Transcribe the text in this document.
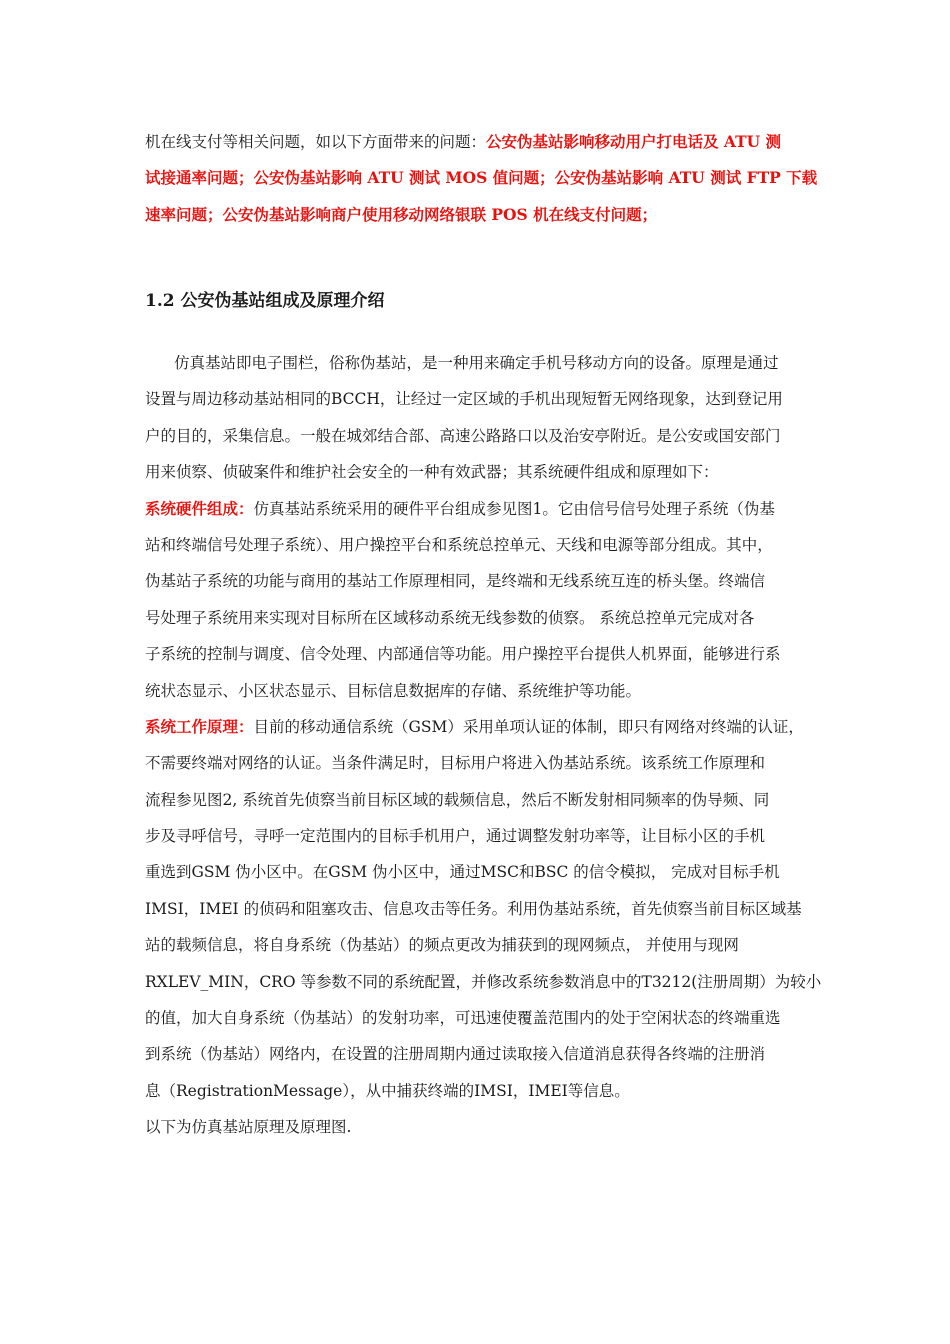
机在线支付等相关问题，如以下方面带来的问题：公安伪基站影响移动用户打电话及 ATU 测
试接通率问题；公安伪基站影响 ATU 测试 MOS 值问题；公安伪基站影响 ATU 测试 FTP 下载
速率问题；公安伪基站影响商户使用移动网络银联 POS 机在线支付问题；
1.2 公安伪基站组成及原理介绍
仿真基站即电子围栏，俗称伪基站，是一种用来确定手机号移动方向的设备。原理是通过
设置与周边移动基站相同的BCCH，让经过一定区域的手机出现短暂无网络现象，达到登记用
户的目的，采集信息。一般在城郊结合部、高速公路路口以及治安亭附近。是公安或国安部门
用来侦察、侦破案件和维护社会安全的一种有效武器；其系统硬件组成和原理如下：
系统硬件组成：仿真基站系统采用的硬件平台组成参见图1。它由信号信号处理子系统（伪基
站和终端信号处理子系统）、用户操控平台和系统总控单元、天线和电源等部分组成。其中，
伪基站子系统的功能与商用的基站工作原理相同，是终端和无线系统互连的桥头堡。终端信
号处理子系统用来实现对目标所在区域移动系统无线参数的侦察。 系统总控单元完成对各
子系统的控制与调度、信令处理、内部通信等功能。用户操控平台提供人机界面，能够进行系
统状态显示、小区状态显示、目标信息数据库的存储、系统维护等功能。
系统工作原理：目前的移动通信系统（GSM）采用单项认证的体制，即只有网络对终端的认证，
不需要终端对网络的认证。当条件满足时，目标用户将进入伪基站系统。该系统工作原理和
流程参见图2, 系统首先侦察当前目标区域的载频信息，然后不断发射相同频率的伪导频、同
步及寻呼信号，寻呼一定范围内的目标手机用户，通过调整发射功率等，让目标小区的手机
重选到GSM 伪小区中。在GSM 伪小区中，通过MSC和BSC 的信令模拟， 完成对目标手机
IMSI，IMEI 的侦码和阻塞攻击、信息攻击等任务。利用伪基站系统，首先侦察当前目标区域基
站的载频信息，将自身系统（伪基站）的频点更改为捕获到的现网频点， 并使用与现网
RXLEV_MIN，CRO 等参数不同的系统配置，并修改系统参数消息中的T3212(注册周期）为较小
的值，加大自身系统（伪基站）的发射功率，可迅速使覆盖范围内的处于空闲状态的终端重选
到系统（伪基站）网络内，在设置的注册周期内通过读取接入信道消息获得各终端的注册消
息（RegistrationMessage），从中捕获终端的IMSI，IMEI等信息。
以下为仿真基站原理及原理图.
